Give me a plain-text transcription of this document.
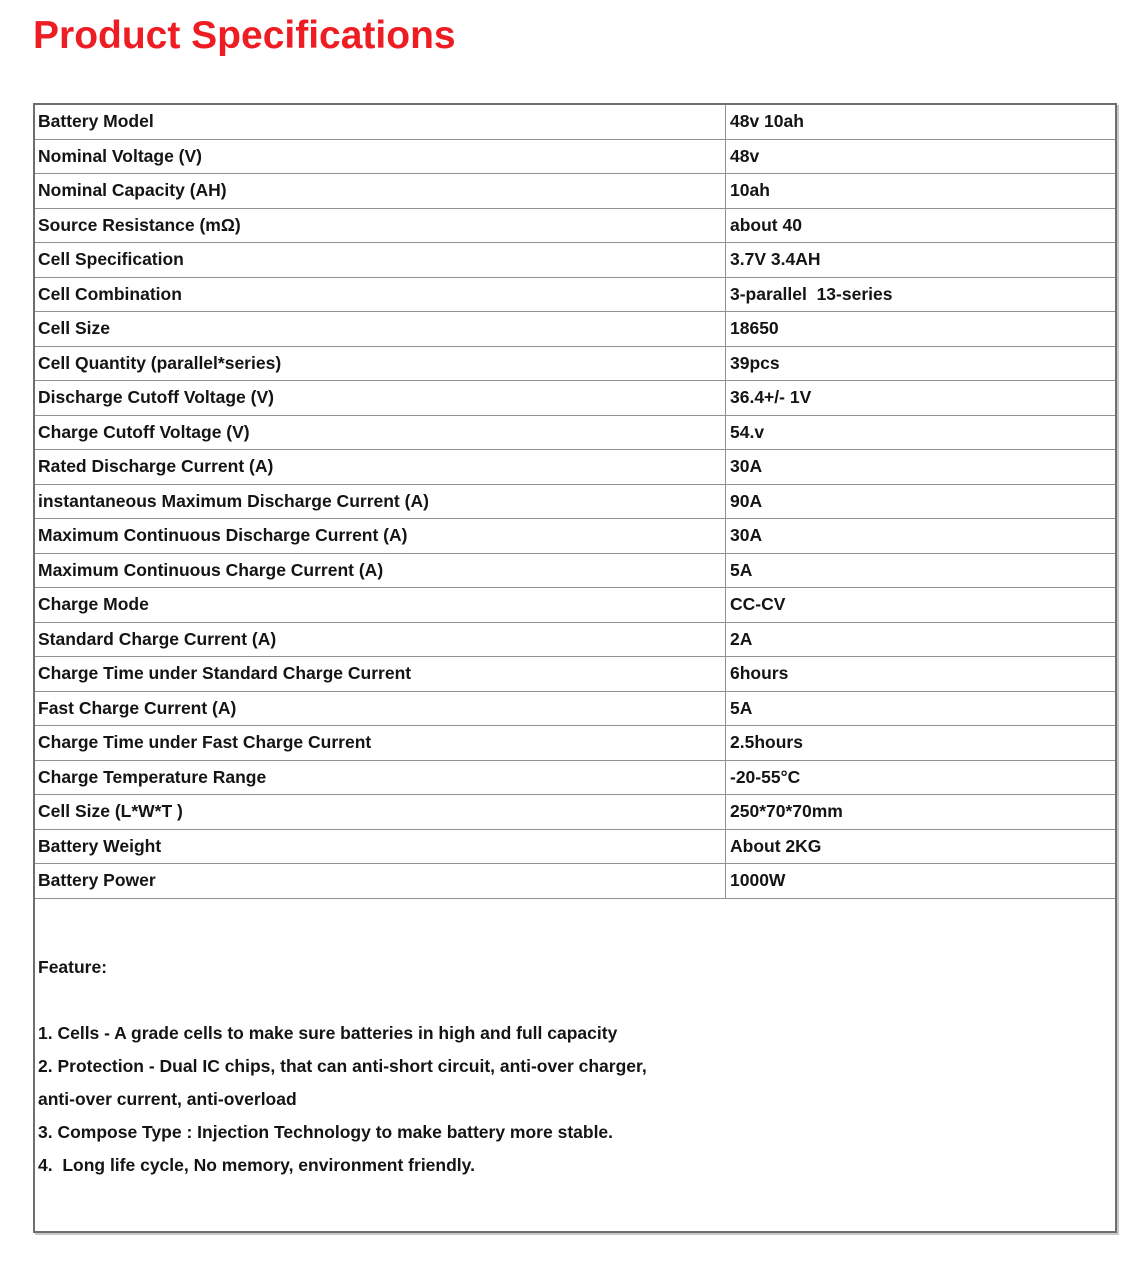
Product Specifications
Battery Model	48v 10ah
Nominal Voltage (V)	48v
Nominal Capacity (AH)	10ah
Source Resistance (mΩ)	about 40
Cell Specification	3.7V 3.4AH
Cell Combination	3-parallel  13-series
Cell Size	18650
Cell Quantity (parallel*series)	39pcs
Discharge Cutoff Voltage (V)	36.4+/- 1V
Charge Cutoff Voltage (V)	54.v
Rated Discharge Current (A)	30A
instantaneous Maximum Discharge Current (A)	90A
Maximum Continuous Discharge Current (A)	30A
Maximum Continuous Charge Current (A)	5A
Charge Mode	CC-CV
Standard Charge Current (A)	2A
Charge Time under Standard Charge Current	6hours
Fast Charge Current (A)	5A
Charge Time under Fast Charge Current	2.5hours
Charge Temperature Range	-20-55°C
Cell Size (L*W*T )	250*70*70mm
Battery Weight	About 2KG
Battery Power	1000W
Feature:
1. Cells - A grade cells to make sure batteries in high and full capacity
2. Protection - Dual IC chips, that can anti-short circuit, anti-over charger,
anti-over current, anti-overload
3. Compose Type : Injection Technology to make battery more stable.
4.  Long life cycle, No memory, environment friendly.
